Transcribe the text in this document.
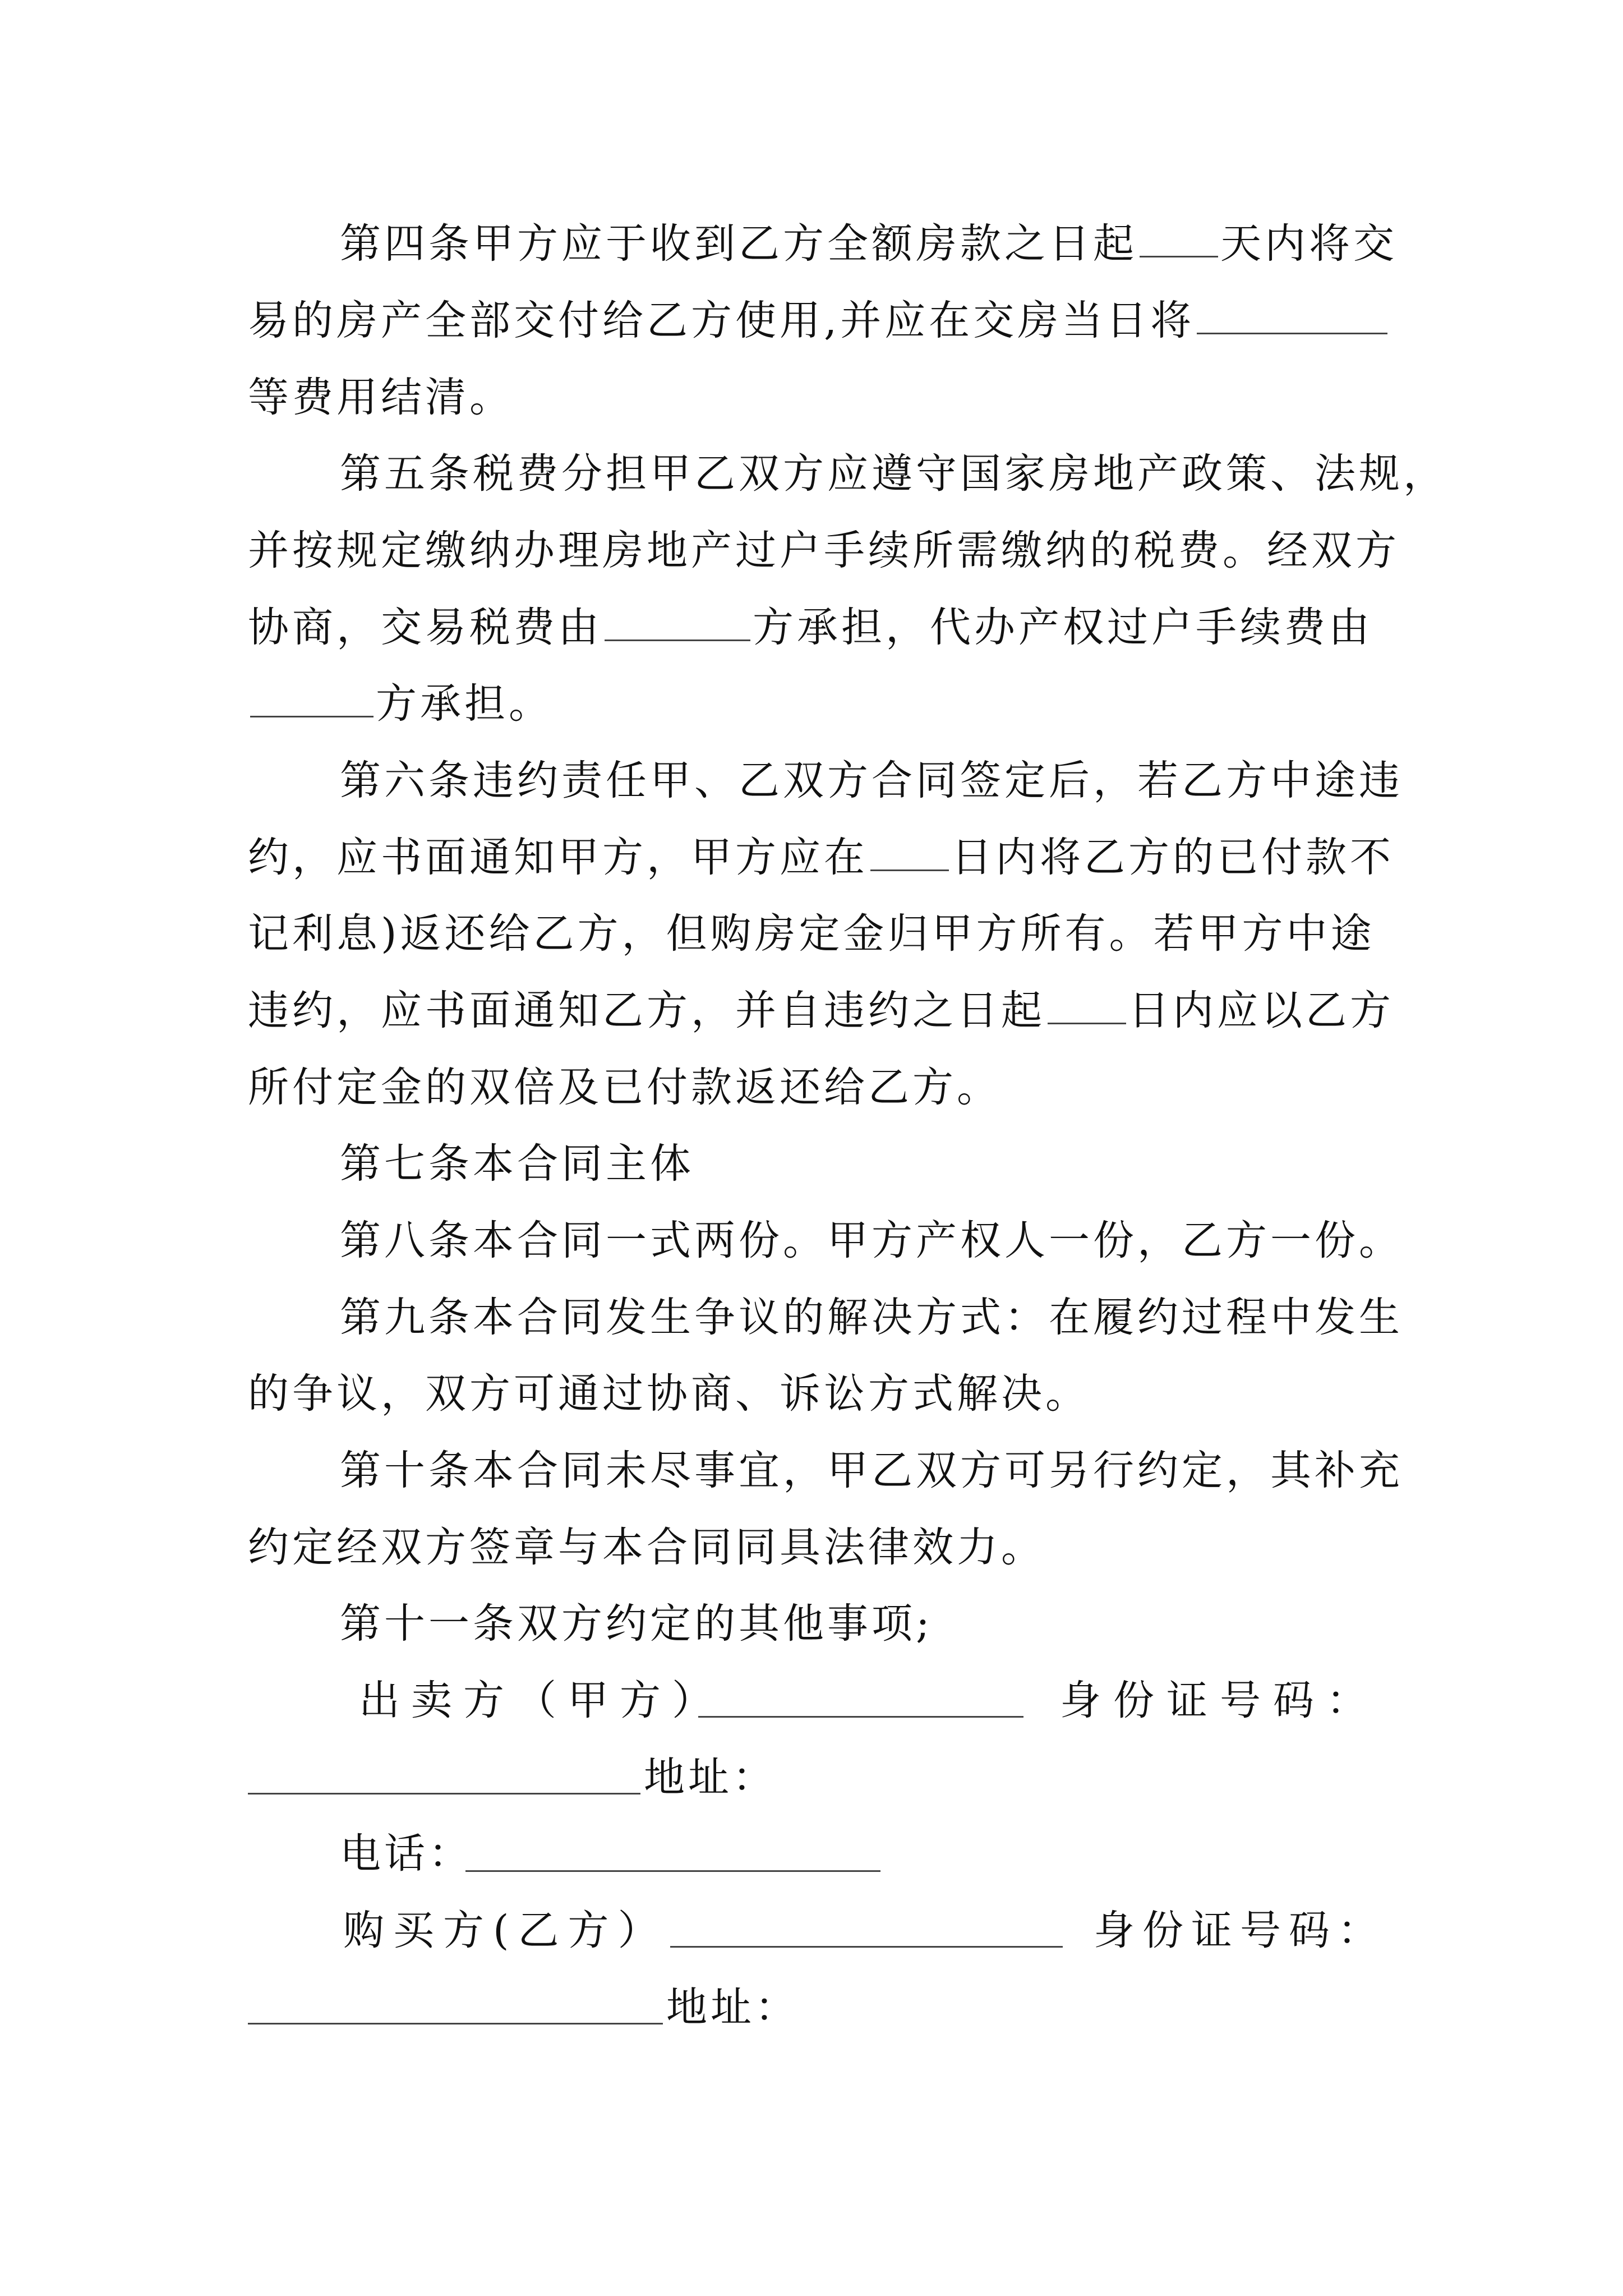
第四条甲方应于收到乙方全额房款之日起 天内将交
易的房产全部交付给乙方使用,并应在交房当日将
等费用结清。
第五条税费分担甲乙双方应遵守国家房地产政策、法规，
并按规定缴纳办理房地产过户手续所需缴纳的税费。经双方
协商，交易税费由	方承担，代办产权过户手续费由
方承担。
第六条违约责任甲、乙双方合同签定后，若乙方中途违
约，应书面通知甲方，甲方应在 日内将乙方的已付款不
记利息)返还给乙方，但购房定金归甲方所有。若甲方中途
违约，应书面通知乙方，并自违约之日起 日内应以乙方
所付定金的双倍及已付款返还给乙方。
第七条本合同主体
第八条本合同一式两份。甲方产权人一份，乙方一份。
第九条本合同发生争议的解决方式：在履约过程中发生
的争议，双方可通过协商、诉讼方式解决。
第十条本合同未尽事宜，甲乙双方可另行约定，其补充
约定经双方签章与本合同同具法律效力。
第十一条双方约定的其他事项;
出卖方（甲方）	身份证号码：
地址：
电话：
购买方(乙方）	身份证号码：
地址：
